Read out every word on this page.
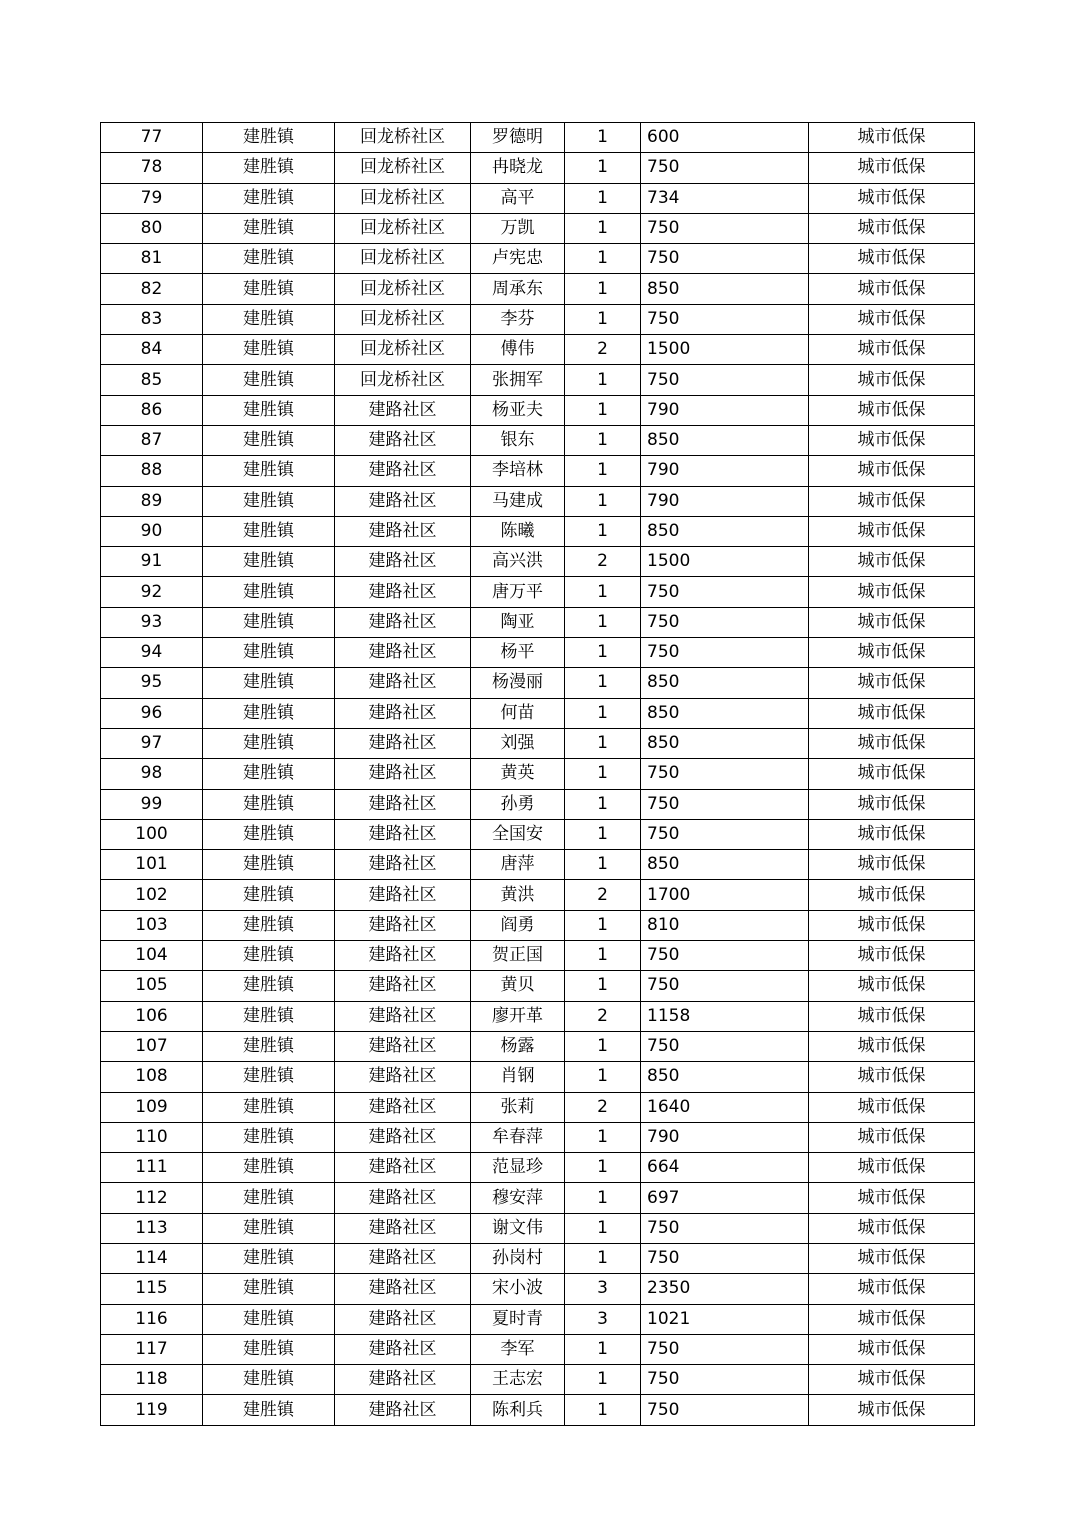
77	建胜镇	回龙桥社区	罗德明	1	600	城市低保
78	建胜镇	回龙桥社区	冉晓龙	1	750	城市低保
79	建胜镇	回龙桥社区	高平	1	734	城市低保
80	建胜镇	回龙桥社区	万凯	1	750	城市低保
81	建胜镇	回龙桥社区	卢宪忠	1	750	城市低保
82	建胜镇	回龙桥社区	周承东	1	850	城市低保
83	建胜镇	回龙桥社区	李芬	1	750	城市低保
84	建胜镇	回龙桥社区	傅伟	2	1500	城市低保
85	建胜镇	回龙桥社区	张拥军	1	750	城市低保
86	建胜镇	建路社区	杨亚夫	1	790	城市低保
87	建胜镇	建路社区	银东	1	850	城市低保
88	建胜镇	建路社区	李培林	1	790	城市低保
89	建胜镇	建路社区	马建成	1	790	城市低保
90	建胜镇	建路社区	陈曦	1	850	城市低保
91	建胜镇	建路社区	高兴洪	2	1500	城市低保
92	建胜镇	建路社区	唐万平	1	750	城市低保
93	建胜镇	建路社区	陶亚	1	750	城市低保
94	建胜镇	建路社区	杨平	1	750	城市低保
95	建胜镇	建路社区	杨漫丽	1	850	城市低保
96	建胜镇	建路社区	何苗	1	850	城市低保
97	建胜镇	建路社区	刘强	1	850	城市低保
98	建胜镇	建路社区	黄英	1	750	城市低保
99	建胜镇	建路社区	孙勇	1	750	城市低保
100	建胜镇	建路社区	全国安	1	750	城市低保
101	建胜镇	建路社区	唐萍	1	850	城市低保
102	建胜镇	建路社区	黄洪	2	1700	城市低保
103	建胜镇	建路社区	阎勇	1	810	城市低保
104	建胜镇	建路社区	贺正国	1	750	城市低保
105	建胜镇	建路社区	黄贝	1	750	城市低保
106	建胜镇	建路社区	廖开革	2	1158	城市低保
107	建胜镇	建路社区	杨露	1	750	城市低保
108	建胜镇	建路社区	肖钢	1	850	城市低保
109	建胜镇	建路社区	张莉	2	1640	城市低保
110	建胜镇	建路社区	牟春萍	1	790	城市低保
111	建胜镇	建路社区	范显珍	1	664	城市低保
112	建胜镇	建路社区	穆安萍	1	697	城市低保
113	建胜镇	建路社区	谢文伟	1	750	城市低保
114	建胜镇	建路社区	孙岗村	1	750	城市低保
115	建胜镇	建路社区	宋小波	3	2350	城市低保
116	建胜镇	建路社区	夏时青	3	1021	城市低保
117	建胜镇	建路社区	李军	1	750	城市低保
118	建胜镇	建路社区	王志宏	1	750	城市低保
119	建胜镇	建路社区	陈利兵	1	750	城市低保
